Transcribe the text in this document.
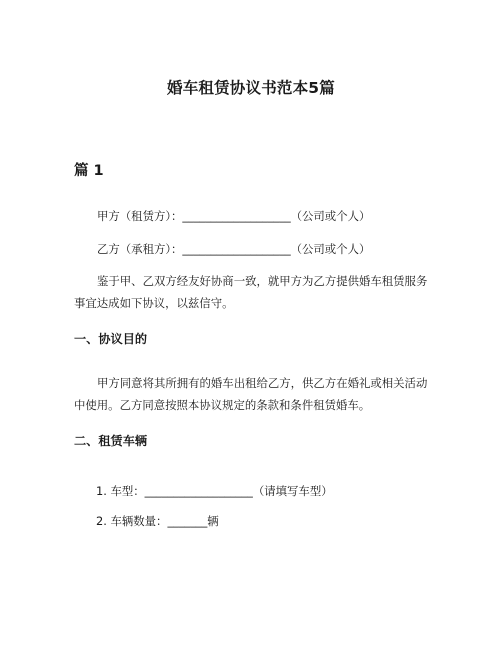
婚车租赁协议书范本5篇
篇 1

甲方（租赁方）：___________________（公司或个人）

乙方（承租方）：___________________（公司或个人）

鉴于甲、乙双方经友好协商一致，就甲方为乙方提供婚车租赁服务事宜达成如下协议，以兹信守。

一、协议目的

甲方同意将其所拥有的婚车出租给乙方，供乙方在婚礼或相关活动中使用。乙方同意按照本协议规定的条款和条件租赁婚车。

二、租赁车辆
1. 车型：___________________（请填写车型）
2. 车辆数量：_______辆
